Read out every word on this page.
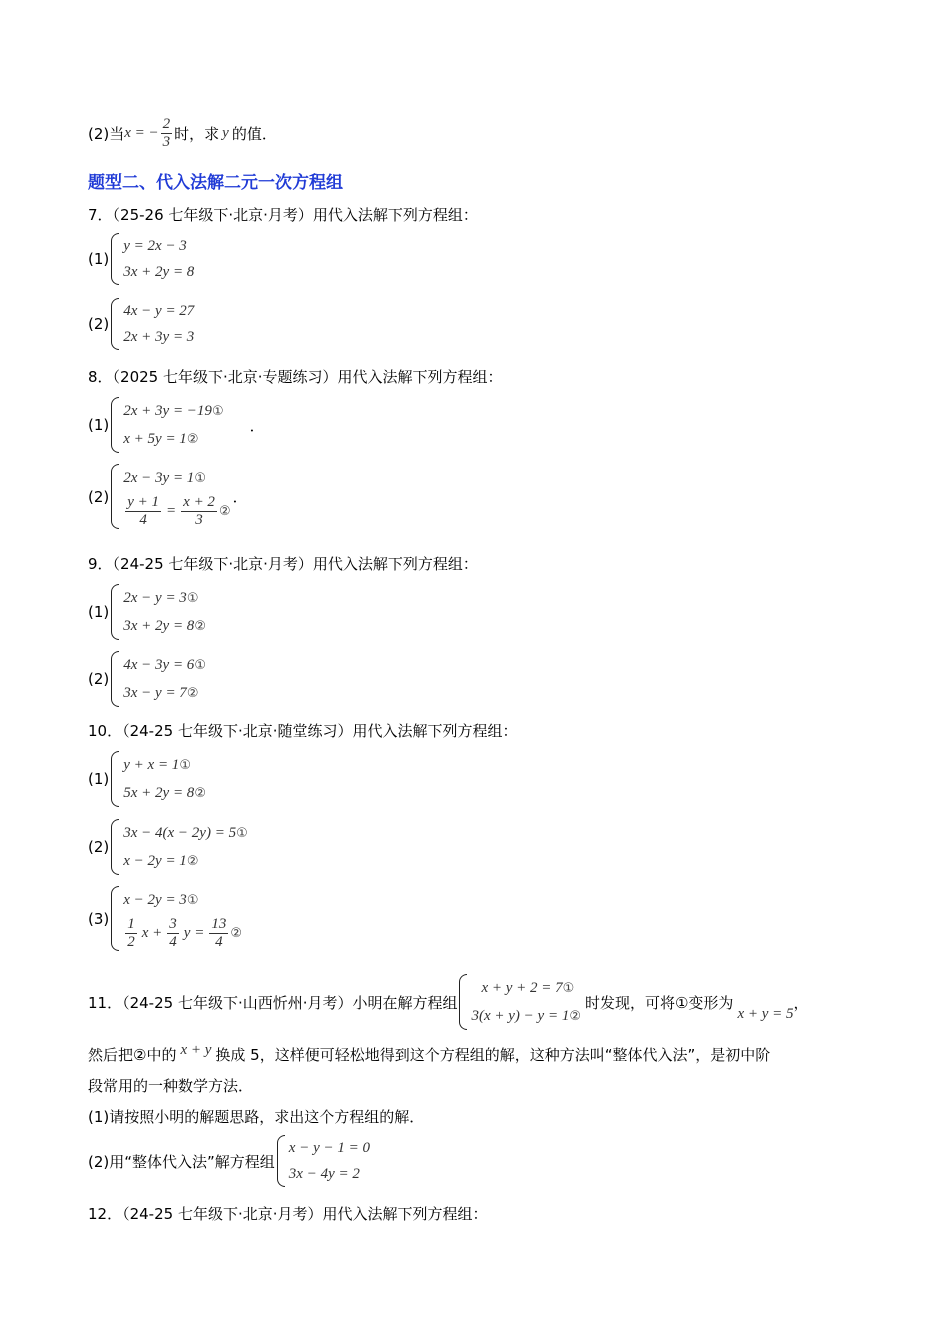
(2)当 x = − $\frac{2}{3}$ 时，求 y 的值．
题型二、代入法解二元一次方程组
7．（25-26 七年级下·北京·月考）用代入法解下列方程组：
(1)
y = 2x − 3
3x + 2y = 8
(2)
4x − y = 27
2x + 3y = 3
8．（2025 七年级下·北京·专题练习）用代入法解下列方程组：
(1)
2x + 3y = −19①
x + 5y = 1②
．
(2)
2x − 3y = 1①
$\frac{y + 1}{4} = \frac{x + 2}{3}$ ②
．
9．（24-25 七年级下·北京·月考）用代入法解下列方程组：
(1)
2x − y = 3①
3x + 2y = 8②
(2)
4x − 3y = 6①
3x − y = 7②
10．（24-25 七年级下·北京·随堂练习）用代入法解下列方程组：
(1)
y + x = 1①
5x + 2y = 8②
(2)
3x − 4(x − 2y) = 5①
x − 2y = 1②
(3)
x − 2y = 3①
$\frac{1}{2}$ $x + \frac{3}{4}$ $y = \frac{13}{4}$ ②
11．（24-25 七年级下·山西忻州·月考）小明在解方程组
x + y + 2 = 7①
3(x + y) − y = 1②
时发现，可将①变形为
x + y = 5
，
然后把②中的 x + y 换成 5，这样便可轻松地得到这个方程组的解，这种方法叫“整体代入法”，是初中阶
段常用的一种数学方法．
(1)请按照小明的解题思路，求出这个方程组的解．
(2)用“整体代入法”解方程组
x − y − 1 = 0
3x − 4y = 2
12．（24-25 七年级下·北京·月考）用代入法解下列方程组：
